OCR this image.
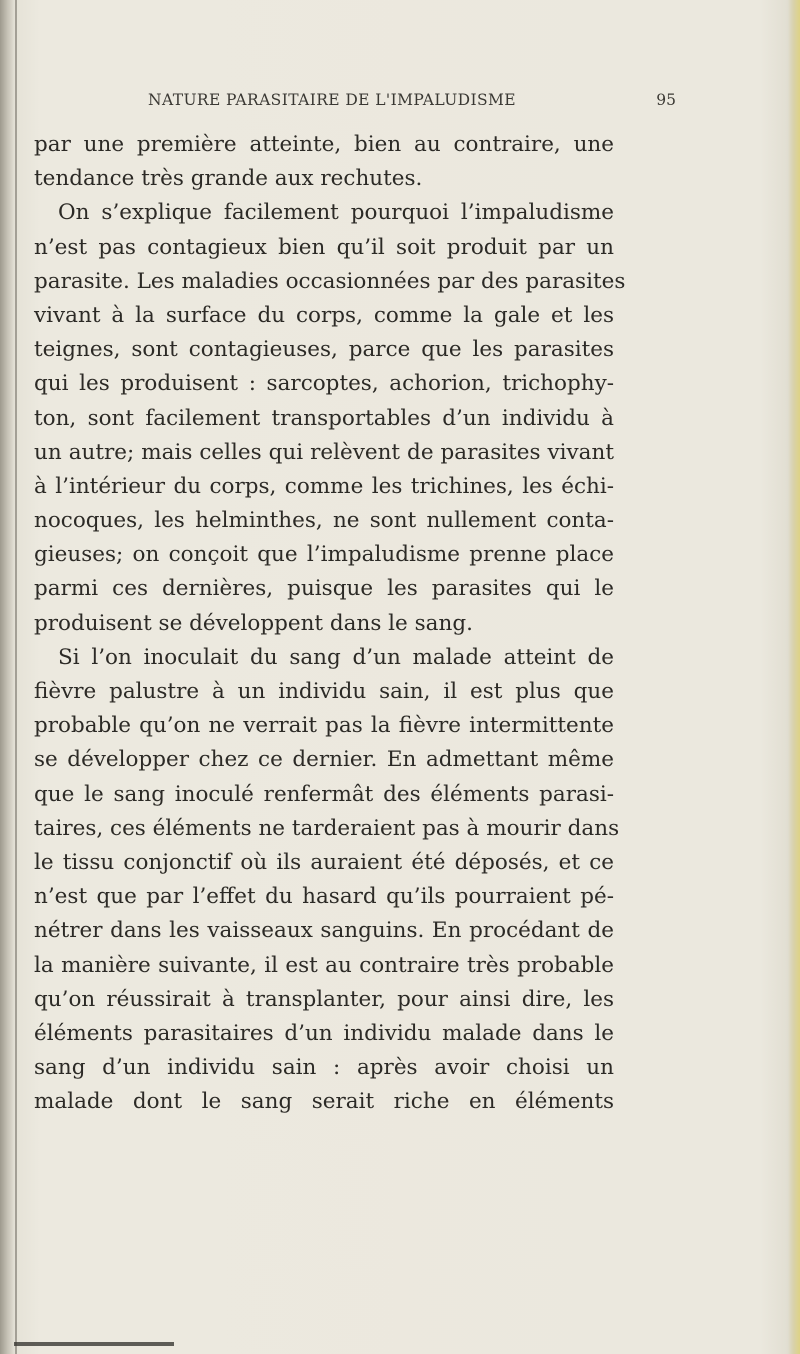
NATURE PARASITAIRE DE L'IMPALUDISME	95
par une première atteinte, bien au contraire, une
tendance très grande aux rechutes.
On s’explique facilement pourquoi l’impaludisme
n’est pas contagieux bien qu’il soit produit par un
parasite. Les maladies occasionnées par des parasites
vivant à la surface du corps, comme la gale et les
teignes, sont contagieuses, parce que les parasites
qui les produisent : sarcoptes, achorion, trichophy-
ton, sont facilement transportables d’un individu à
un autre; mais celles qui relèvent de parasites vivant
à l’intérieur du corps, comme les trichines, les échi-
nocoques, les helminthes, ne sont nullement conta-
gieuses; on conçoit que l’impaludisme prenne place
parmi ces dernières, puisque les parasites qui le
produisent se développent dans le sang.
Si l’on inoculait du sang d’un malade atteint de
fièvre palustre à un individu sain, il est plus que
probable qu’on ne verrait pas la fièvre intermittente
se développer chez ce dernier. En admettant même
que le sang inoculé renfermât des éléments parasi-
taires, ces éléments ne tarderaient pas à mourir dans
le tissu conjonctif où ils auraient été déposés, et ce
n’est que par l’effet du hasard qu’ils pourraient pé-
nétrer dans les vaisseaux sanguins. En procédant de
la manière suivante, il est au contraire très probable
qu’on réussirait à transplanter, pour ainsi dire, les
éléments parasitaires d’un individu malade dans le
sang d’un individu sain : après avoir choisi un
malade dont le sang serait riche en éléments
